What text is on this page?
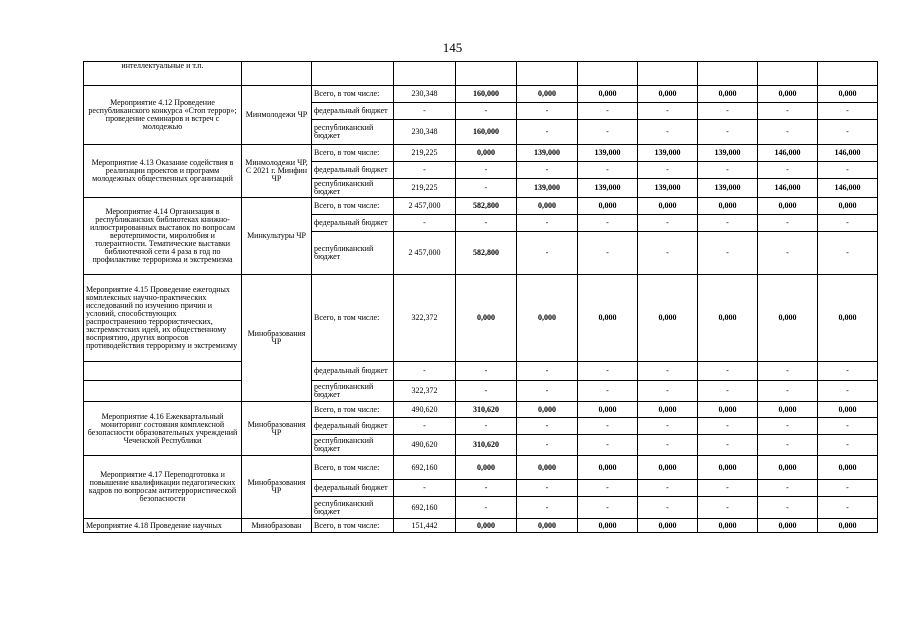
145
интеллектуальные и т.п.										
Мероприятие 4.12 Проведение республиканского конкурса «Стоп террор»; проведение семинаров и встреч с молодежью	Минмолодежи ЧР	Всего, в том числе:	230,348	160,000	0,000	0,000	0,000	0,000	0,000	0,000
		федеральный бюджет	-	-	-	-	-	-	-	-
		республиканский бюджет	230,348	160,000	-	-	-	-	-	-
Мероприятие 4.13 Оказание содействия в реализации проектов и программ молодежных общественных организаций	Минмолодежи ЧР, С 2021 г. Минфин ЧР	Всего, в том числе:	219,225	0,000	139,000	139,000	139,000	139,000	146,000	146,000
		федеральный бюджет	-	-	-	-	-	-	-	-
		республиканский бюджет	219,225	-	139,000	139,000	139,000	139,000	146,000	146,000
Мероприятие 4.14 Организация в республиканских библиотеках книжно-иллюстрированных выставок по вопросам веротерпимости, миролюбия и толерантности. Тематические выставки библиотечной сети 4 раза в год по профилактике терроризма и экстремизма	Минкультуры ЧР	Всего, в том числе:	2 457,000	582,800	0,000	0,000	0,000	0,000	0,000	0,000
		федеральный бюджет	-	-	-	-	-	-	-	-
		республиканский бюджет	2 457,000	582,800	-	-	-	-	-	-
Мероприятие 4.15 Проведение ежегодных комплексных научно-практических исследований по изучению причин и условий, способствующих распространению террористических, экстремистских идей, их общественному восприятию, других вопросов противодействия терроризму и экстремизму	Минобразования ЧР	Всего, в том числе:	322,372	0,000	0,000	0,000	0,000	0,000	0,000	0,000
		федеральный бюджет	-	-	-	-	-	-	-	-
		республиканский бюджет	322,372	-	-	-	-	-	-	-
Мероприятие 4.16 Ежеквартальный мониторинг состояния комплексной безопасности образовательных учреждений Чеченской Республики	Минобразования ЧР	Всего, в том числе:	490,620	310,620	0,000	0,000	0,000	0,000	0,000	0,000
		федеральный бюджет	-	-	-	-	-	-	-	-
		республиканский бюджет	490,620	310,620	-	-	-	-	-	-
Мероприятие 4.17 Переподготовка и повышение квалификации педагогических кадров по вопросам антитеррористической безопасности	Минобразования ЧР	Всего, в том числе:	692,160	0,000	0,000	0,000	0,000	0,000	0,000	0,000
		федеральный бюджет	-	-	-	-	-	-	-	-
		республиканский бюджет	692,160	-	-	-	-	-	-	-
Мероприятие 4.18 Проведение научных	Минобразован	Всего, в том числе:	151,442	0,000	0,000	0,000	0,000	0,000	0,000	0,000
